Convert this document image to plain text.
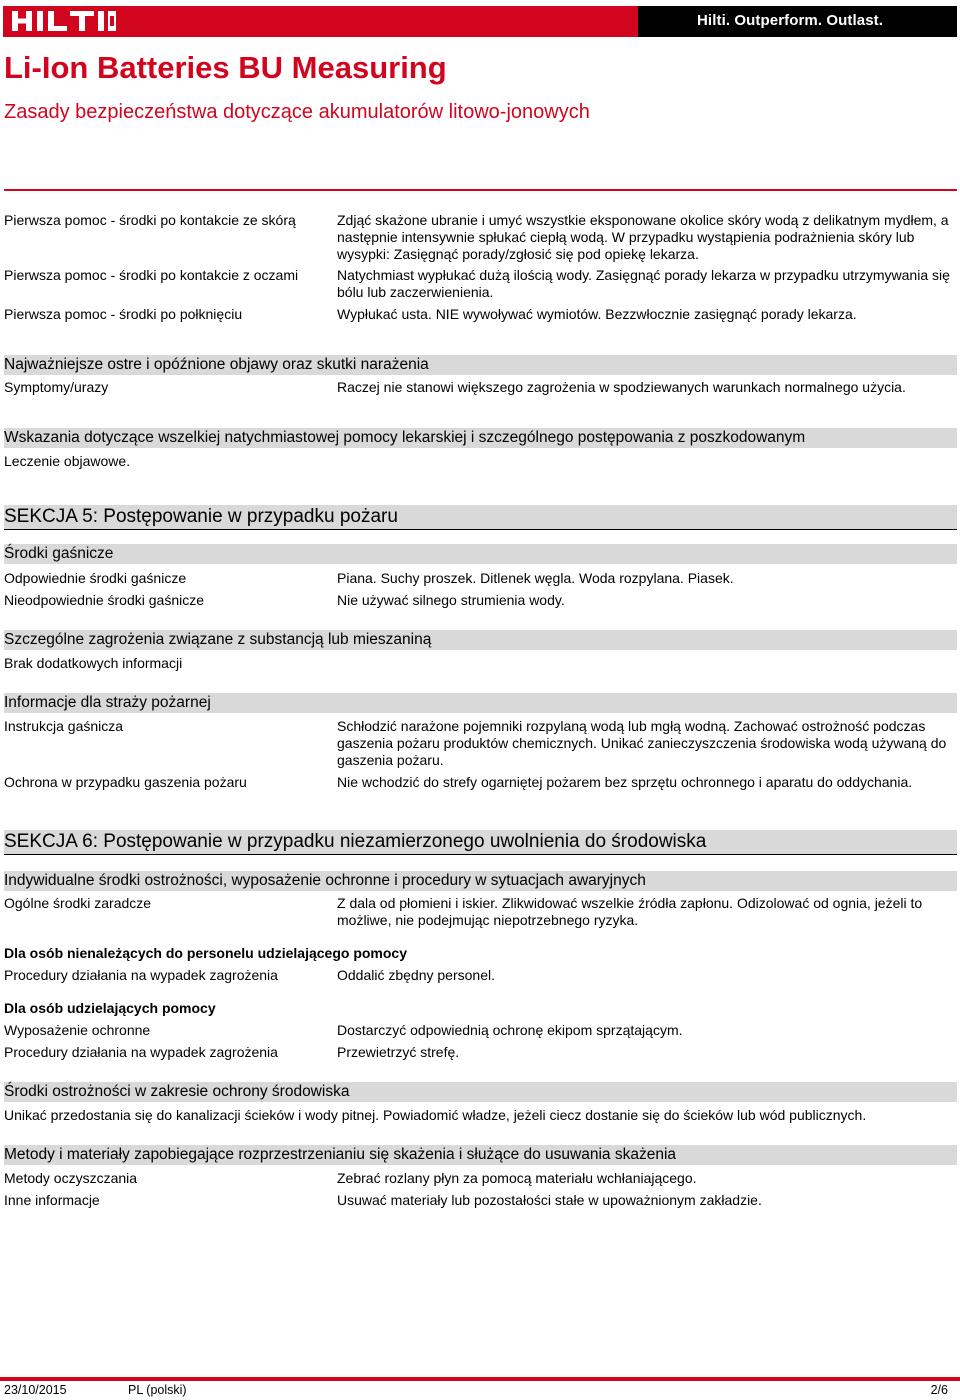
Hilti. Outperform. Outlast.
Li-Ion Batteries BU Measuring
Zasady bezpieczeństwa dotyczące akumulatorów litowo-jonowych
Pierwsza pomoc - środki po kontakcie ze skórą	Zdjąć skażone ubranie i umyć wszystkie eksponowane okolice skóry wodą z delikatnym mydłem, a następnie intensywnie spłukać ciepłą wodą. W przypadku wystąpienia podrażnienia skóry lub wysypki: Zasięgnąć porady/zgłosić się pod opiekę lekarza.
Pierwsza pomoc - środki po kontakcie z oczami	Natychmiast wypłukać dużą ilością wody. Zasięgnąć porady lekarza w przypadku utrzymywania się bólu lub zaczerwienienia.
Pierwsza pomoc - środki po połknięciu	Wypłukać usta. NIE wywoływać wymiotów. Bezzwłocznie zasięgnąć porady lekarza.
Najważniejsze ostre i opóźnione objawy oraz skutki narażenia
Symptomy/urazy	Raczej nie stanowi większego zagrożenia w spodziewanych warunkach normalnego użycia.
Wskazania dotyczące wszelkiej natychmiastowej pomocy lekarskiej i szczególnego postępowania z poszkodowanym
Leczenie objawowe.
SEKCJA 5: Postępowanie w przypadku pożaru
Środki gaśnicze
Odpowiednie środki gaśnicze	Piana. Suchy proszek. Ditlenek węgla. Woda rozpylana. Piasek.
Nieodpowiednie środki gaśnicze	Nie używać silnego strumienia wody.
Szczególne zagrożenia związane z substancją lub mieszaniną
Brak dodatkowych informacji
Informacje dla straży pożarnej
Instrukcja gaśnicza	Schłodzić narażone pojemniki rozpylaną wodą lub mgłą wodną. Zachować ostrożność podczas gaszenia pożaru produktów chemicznych. Unikać zanieczyszczenia środowiska wodą używaną do gaszenia pożaru.
Ochrona w przypadku gaszenia pożaru	Nie wchodzić do strefy ogarniętej pożarem bez sprzętu ochronnego i aparatu do oddychania.
SEKCJA 6: Postępowanie w przypadku niezamierzonego uwolnienia do środowiska
Indywidualne środki ostrożności, wyposażenie ochronne i procedury w sytuacjach awaryjnych
Ogólne środki zaradcze	Z dala od płomieni i iskier. Zlikwidować wszelkie źródła zapłonu. Odizolować od ognia, jeżeli to możliwe, nie podejmując niepotrzebnego ryzyka.
Dla osób nienależących do personelu udzielającego pomocy
Procedury działania na wypadek zagrożenia	Oddalić zbędny personel.
Dla osób udzielających pomocy
Wyposażenie ochronne	Dostarczyć odpowiednią ochronę ekipom sprzątającym.
Procedury działania na wypadek zagrożenia	Przewietrzyć strefę.
Środki ostrożności w zakresie ochrony środowiska
Unikać przedostania się do kanalizacji ścieków i wody pitnej. Powiadomić władze, jeżeli ciecz dostanie się do ścieków lub wód publicznych.
Metody i materiały zapobiegające rozprzestrzenianiu się skażenia i służące do usuwania skażenia
Metody oczyszczania	Zebrać rozlany płyn za pomocą materiału wchłaniającego.
Inne informacje	Usuwać materiały lub pozostałości stałe w upoważnionym zakładzie.
23/10/2015	PL (polski)	2/6
